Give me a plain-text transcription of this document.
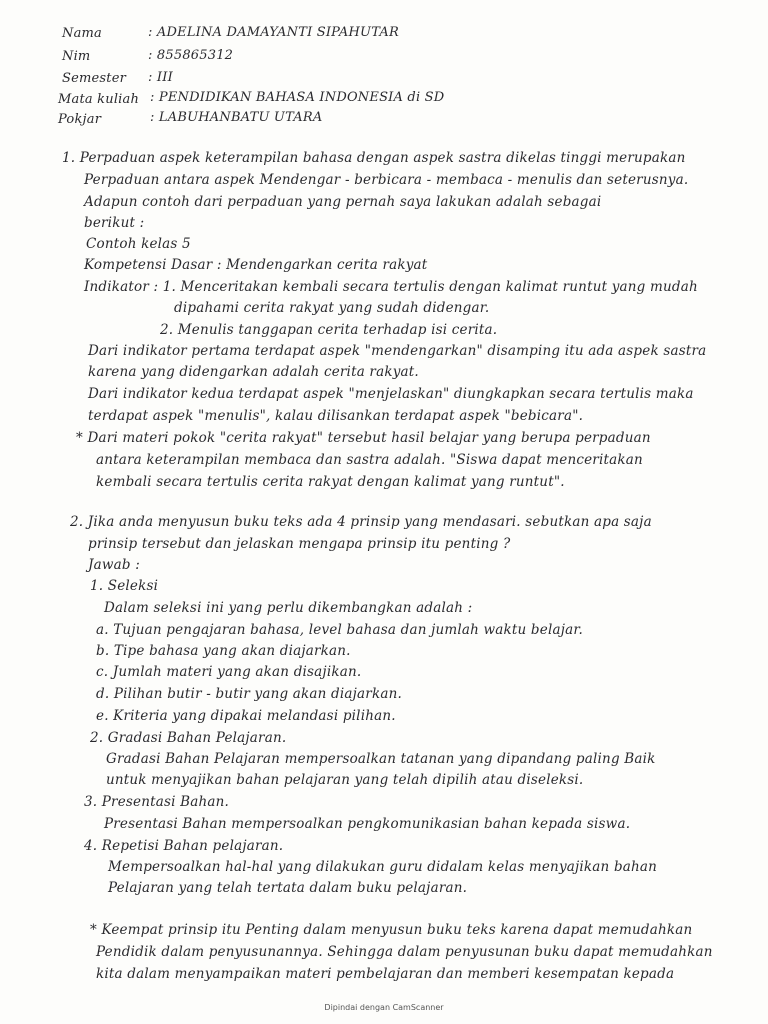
Nama	: ADELINA DAMAYANTI SIPAHUTAR
Nim	: 855865312
Semester : III
Mata kuliah : PENDIDIKAN BAHASA INDONESIA di SD
Pokjar	: LABUHANBATU UTARA
1. Perpaduan aspek keterampilan bahasa dengan aspek sastra dikelas tinggi merupakan
Perpaduan antara aspek Mendengar - berbicara - membaca - menulis dan seterusnya.
Adapun contoh dari perpaduan yang pernah saya lakukan adalah sebagai
berikut :
Contoh kelas 5
Kompetensi Dasar : Mendengarkan cerita rakyat
Indikator : 1. Menceritakan kembali secara tertulis dengan kalimat runtut yang mudah
dipahami cerita rakyat yang sudah didengar.
2. Menulis tanggapan cerita terhadap isi cerita.
Dari indikator pertama terdapat aspek "mendengarkan" disamping itu ada aspek sastra
karena yang didengarkan adalah cerita rakyat.
Dari indikator kedua terdapat aspek "menjelaskan" diungkapkan secara tertulis maka
terdapat aspek "menulis", kalau dilisankan terdapat aspek "bebicara".
* Dari materi pokok "cerita rakyat" tersebut hasil belajar yang berupa perpaduan
antara keterampilan membaca dan sastra adalah. "Siswa dapat menceritakan
kembali secara tertulis cerita rakyat dengan kalimat yang runtut".
2. Jika anda menyusun buku teks ada 4 prinsip yang mendasari. sebutkan apa saja
prinsip tersebut dan jelaskan mengapa prinsip itu penting ?
Jawab :
1. Seleksi
Dalam seleksi ini yang perlu dikembangkan adalah :
a. Tujuan pengajaran bahasa, level bahasa dan jumlah waktu belajar.
b. Tipe bahasa yang akan diajarkan.
c. Jumlah materi yang akan disajikan.
d. Pilihan butir - butir yang akan diajarkan.
e. Kriteria yang dipakai melandasi pilihan.
2. Gradasi Bahan Pelajaran.
Gradasi Bahan Pelajaran mempersoalkan tatanan yang dipandang paling Baik
untuk menyajikan bahan pelajaran yang telah dipilih atau diseleksi.
3. Presentasi Bahan.
Presentasi Bahan mempersoalkan pengkomunikasian bahan kepada siswa.
4. Repetisi Bahan pelajaran.
Mempersoalkan hal-hal yang dilakukan guru didalam kelas menyajikan bahan
Pelajaran yang telah tertata dalam buku pelajaran.
* Keempat prinsip itu Penting dalam menyusun buku teks karena dapat memudahkan
Pendidik dalam penyusunannya. Sehingga dalam penyusunan buku dapat memudahkan
kita dalam menyampaikan materi pembelajaran dan memberi kesempatan kepada
Dipindai dengan CamScanner
